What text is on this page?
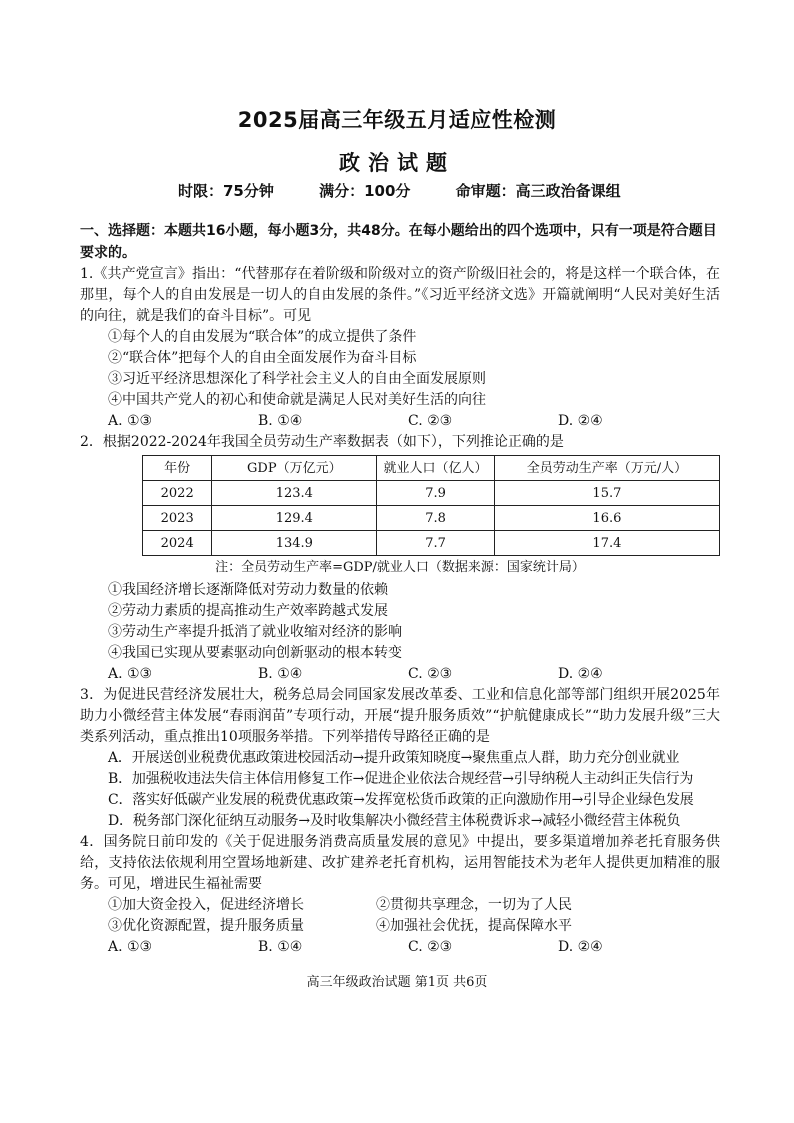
2025届高三年级五月适应性检测
政治试题
时限：75分钟	满分：100分	命审题：高三政治备课组
一、选择题：本题共16小题，每小题3分，共48分。在每小题给出的四个选项中，只有一项是符合题目要求的。
1.《共产党宣言》指出：“代替那存在着阶级和阶级对立的资产阶级旧社会的，将是这样一个联合体，在那里，每个人的自由发展是一切人的自由发展的条件。”《习近平经济文选》开篇就阐明“人民对美好生活的向往，就是我们的奋斗目标”。可见
①每个人的自由发展为“联合体”的成立提供了条件
②“联合体”把每个人的自由全面发展作为奋斗目标
③习近平经济思想深化了科学社会主义人的自由全面发展原则
④中国共产党人的初心和使命就是满足人民对美好生活的向往
A. ①③	B. ①④	C. ②③	D. ②④
2．根据2022-2024年我国全员劳动生产率数据表（如下），下列推论正确的是
年份	GDP（万亿元）	就业人口（亿人）	全员劳动生产率（万元/人）
2022	123.4	7.9	15.7
2023	129.4	7.8	16.6
2024	134.9	7.7	17.4
注：全员劳动生产率=GDP/就业人口（数据来源：国家统计局）
①我国经济增长逐渐降低对劳动力数量的依赖
②劳动力素质的提高推动生产效率跨越式发展
③劳动生产率提升抵消了就业收缩对经济的影响
④我国已实现从要素驱动向创新驱动的根本转变
A. ①③	B. ①④	C. ②③	D. ②④
3．为促进民营经济发展壮大，税务总局会同国家发展改革委、工业和信息化部等部门组织开展2025年助力小微经营主体发展“春雨润苗”专项行动，开展“提升服务质效”“护航健康成长”“助力发展升级”三大类系列活动，重点推出10项服务举措。下列举措传导路径正确的是
A．开展送创业税费优惠政策进校园活动→提升政策知晓度→聚焦重点人群，助力充分创业就业
B．加强税收违法失信主体信用修复工作→促进企业依法合规经营→引导纳税人主动纠正失信行为
C．落实好低碳产业发展的税费优惠政策→发挥宽松货币政策的正向激励作用→引导企业绿色发展
D．税务部门深化征纳互动服务→及时收集解决小微经营主体税费诉求→减轻小微经营主体税负
4．国务院日前印发的《关于促进服务消费高质量发展的意见》中提出，要多渠道增加养老托育服务供给，支持依法依规利用空置场地新建、改扩建养老托育机构，运用智能技术为老年人提供更加精准的服务。可见，增进民生福祉需要
①加大资金投入，促进经济增长	②贯彻共享理念，一切为了人民
③优化资源配置，提升服务质量	④加强社会优抚，提高保障水平
A. ①③	B. ①④	C. ②③	D. ②④
高三年级政治试题 第1页 共6页
